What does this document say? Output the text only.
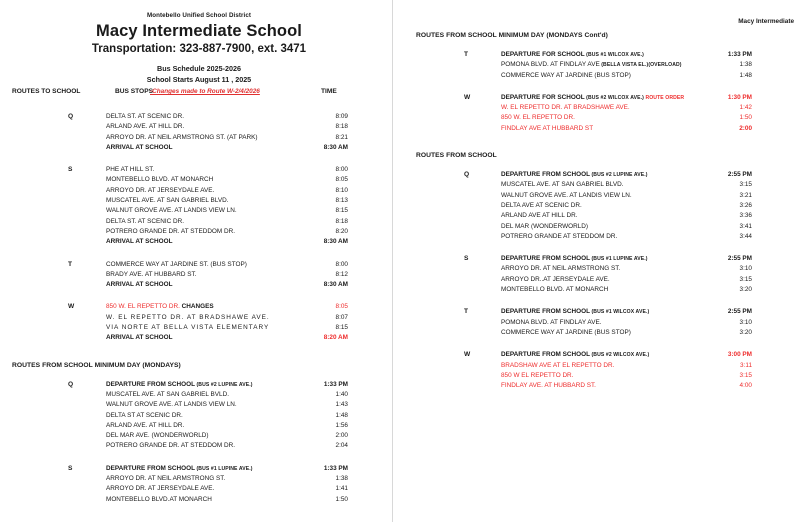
Montebello Unified School District
Macy Intermediate School
Transportation: 323-887-7900, ext. 3471
Bus Schedule 2025-2026
School Starts August 11 , 2025
ROUTES TO SCHOOL	BUS STOPS
-Changes made to Route W-2/4/2026	TIME
Q	DELTA ST. AT SCENIC DR.	8:09
ARLAND AVE. AT HILL DR.	8:18
ARROYO DR. AT NEIL ARMSTRONG ST. (AT PARK)	8:21
ARRIVAL AT SCHOOL	8:30 AM
S	PHE AT HILL ST.	8:00
MONTEBELLO BLVD. AT MONARCH	8:05
ARROYO DR. AT JERSEYDALE AVE.	8:10
MUSCATEL AVE. AT SAN GABRIEL BLVD.	8:13
WALNUT GROVE AVE. AT LANDIS VIEW LN.	8:15
DELTA ST. AT SCENIC DR.	8:18
POTRERO GRANDE DR. AT STEDDOM DR.	8:20
ARRIVAL AT SCHOOL	8:30 AM
T	COMMERCE WAY AT JARDINE ST. (BUS STOP)	8:00
BRADY AVE. AT HUBBARD ST.	8:12
ARRIVAL AT SCHOOL	8:30 AM
W	850 W. EL REPETTO DR. CHANGES	8:05
W. EL REPETTO DR. AT BRADSHAWE AVE.	8:07
VIA NORTE AT BELLA VISTA ELEMENTARY	8:15
ARRIVAL AT SCHOOL	8:20 AM
ROUTES FROM SCHOOL MINIMUM DAY (MONDAYS)
Q	DEPARTURE FROM SCHOOL (BUS #2 LUPINE AVE.)	1:33 PM
MUSCATEL AVE. AT SAN GABRIEL BVLD.	1:40
WALNUT GROVE AVE. AT LANDIS VIEW LN.	1:43
DELTA ST AT SCENIC DR.	1:48
ARLAND AVE. AT HILL DR.	1:56
DEL MAR AVE. (WONDERWORLD)	2:00
POTRERO GRANDE DR. AT STEDDOM DR.	2:04
S	DEPARTURE FROM SCHOOL (BUS #1 LUPINE AVE.)	1:33 PM
ARROYO DR. AT NEIL ARMSTRONG ST.	1:38
ARROYO DR. AT JERSEYDALE AVE.	1:41
MONTEBELLO BLVD.AT MONARCH	1:50
Macy Intermediate
ROUTES FROM SCHOOL MINIMUM DAY (MONDAYS Cont'd)
T	DEPARTURE FOR SCHOOL (BUS #1 WILCOX AVE.)	1:33 PM
POMONA BLVD. AT FINDLAY AVE (BELLA VISTA EL.)(OVERLOAD)	1:38
COMMERCE WAY AT JARDINE (BUS STOP)	1:48
W	DEPARTURE FOR SCHOOL (BUS #2 WILCOX AVE.) ROUTE ORDER	1:30 PM
W. EL REPETTO DR. AT BRADSHAWE AVE.	1:42
850 W. EL REPETTO DR.	1:50
FINDLAY AVE AT HUBBARD ST	2:00
ROUTES FROM SCHOOL
Q	DEPARTURE FROM SCHOOL (BUS #2 LUPINE AVE.)	2:55 PM
MUSCATEL AVE. AT SAN GABRIEL BLVD.	3:15
WALNUT GROVE AVE. AT LANDIS VIEW LN.	3:21
DELTA AVE AT SCENIC DR.	3:26
ARLAND AVE AT HILL DR.	3:36
DEL MAR (WONDERWORLD)	3:41
POTRERO GRANDE AT STEDDOM DR.	3:44
S	DEPARTURE FROM SCHOOL (BUS #1 LUPINE AVE.)	2:55 PM
ARROYO DR. AT NEIL ARMSTRONG ST.	3:10
ARROYO DR..AT JERSEYDALE AVE.	3:15
MONTEBELLO BLVD. AT MONARCH	3:20
T	DEPARTURE FROM SCHOOL (BUS #1 WILCOX AVE.)	2:55 PM
POMONA BLVD. AT FINDLAY AVE.	3:10
COMMERCE WAY AT JARDINE (BUS STOP)	3:20
W	DEPARTURE FROM SCHOOL (BUS #2 WILCOX AVE.)	3:00 PM
BRADSHAW AVE AT EL REPETTO DR.	3:11
850 W EL REPETTO DR.	3:15
FINDLAY AVE. AT HUBBARD ST.	4:00
